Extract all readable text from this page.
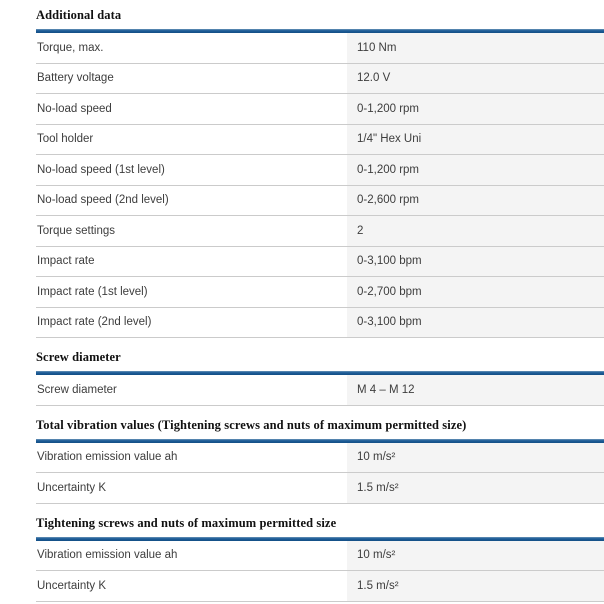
Additional data
Torque, max.	110 Nm
Battery voltage	12.0 V
No-load speed	0-1,200 rpm
Tool holder	1/4" Hex Uni
No-load speed (1st level)	0-1,200 rpm
No-load speed (2nd level)	0-2,600 rpm
Torque settings	2
Impact rate	0-3,100 bpm
Impact rate (1st level)	0-2,700 bpm
Impact rate (2nd level)	0-3,100 bpm
Screw diameter
Screw diameter	M 4 – M 12
Total vibration values (Tightening screws and nuts of maximum permitted size)
Vibration emission value ah	10 m/s²
Uncertainty K	1.5 m/s²
Tightening screws and nuts of maximum permitted size
Vibration emission value ah	10 m/s²
Uncertainty K	1.5 m/s²
